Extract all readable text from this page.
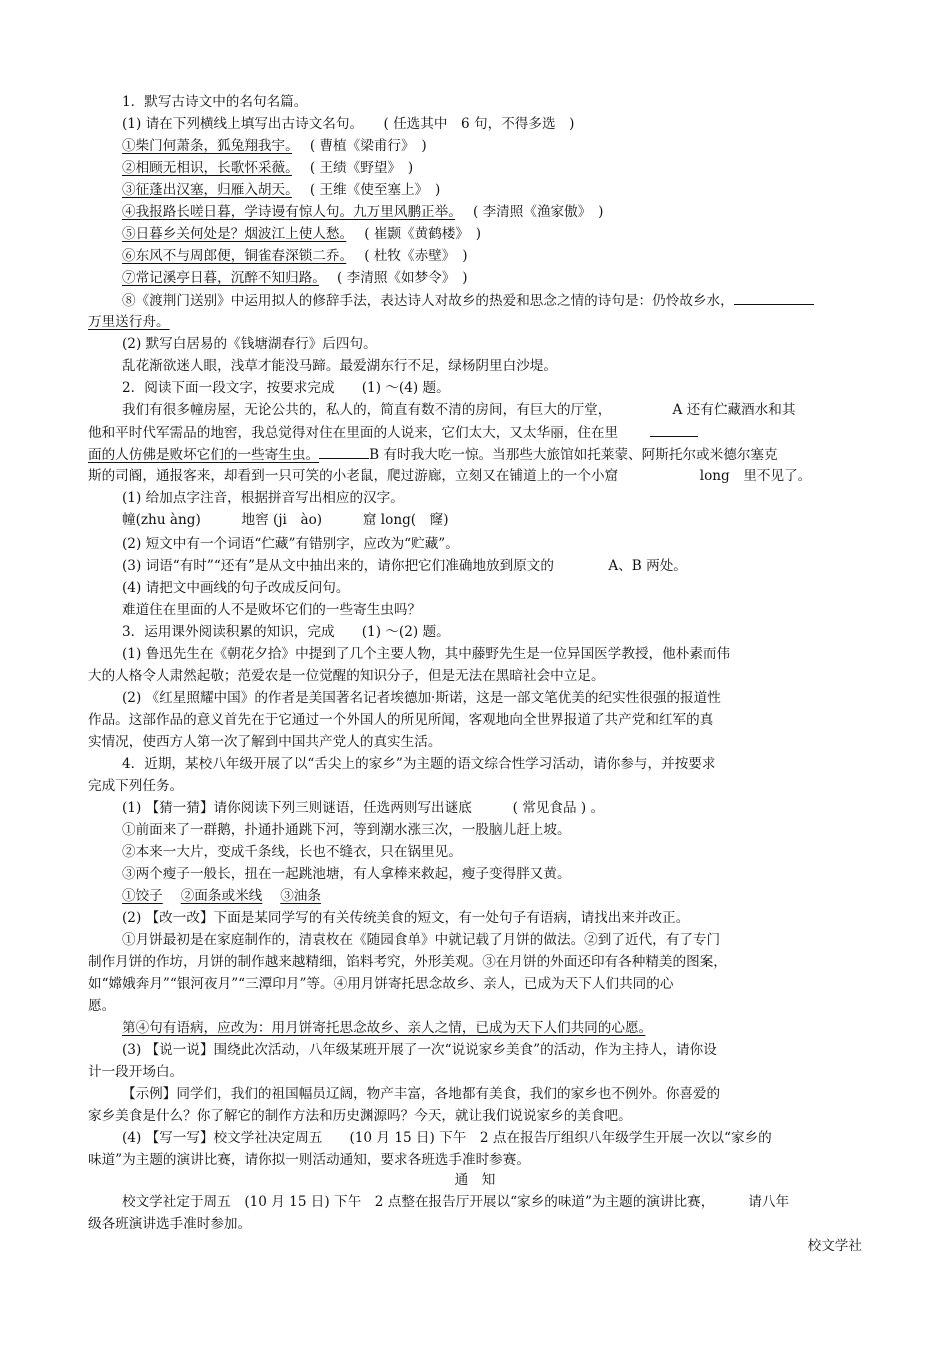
1．默写古诗文中的名句名篇。
(1) 请在下列横线上填写出古诗文名句。　　( 任选其中　6 句，不得多选　)
①柴门何萧条，狐兔翔我宇。　 ( 曹植《梁甫行》　)
②相顾无相识，长歌怀采薇。　 ( 王绩《野望》　)
③征蓬出汉塞，归雁入胡天。　 ( 王维《使至塞上》　)
④我报路长嗟日暮，学诗谩有惊人句。九万里风鹏正举。　 ( 李清照《渔家傲》　)
⑤日暮乡关何处是？烟波江上使人愁。　 ( 崔颢《黄鹤楼》　)
⑥东风不与周郎便，铜雀春深锁二乔。　 ( 杜牧《赤壁》　)
⑦常记溪亭日暮，沉醉不知归路。　 ( 李清照《如梦令》　)
⑧《渡荆门送别》中运用拟人的修辞手法，表达诗人对故乡的热爱和思念之情的诗句是：仍怜故乡水，
万里送行舟。
(2) 默写白居易的《钱塘湖春行》后四句。
乱花渐欲迷人眼，浅草才能没马蹄。最爱湖东行不足，绿杨阴里白沙堤。
2．阅读下面一段文字，按要求完成　　(1) ～(4) 题。
我们有很多幢房屋，无论公共的，私人的，简直有数不清的房间，有巨大的厅堂，　　　　　	A 还有伫藏酒水和其
他和平时代军需品的地窖，我总觉得对住在里面的人说来，它们太大，又太华丽，住在里　　
面的人仿佛是败坏它们的一些寄生虫。	B 有时我大吃一惊。当那些大旅馆如托莱蒙、阿斯托尔或米德尔塞克
斯的司阍，通报客来，却看到一只可笑的小老鼠，爬过游廊，立刻又在铺道上的一个小窟　　　　　　	long　里不见了。
(1) 给加点字注音，根据拼音写出相应的汉字。
幢(zhu àng)　　　地窖 (ji　ào)　　　窟 long(　窿)
(2) 短文中有一个词语“伫藏”有错别字，应改为“贮藏”。
(3) 词语“有时”“还有”是从文中抽出来的，请你把它们准确地放到原文的　　　　	A、B 两处。
(4) 请把文中画线的句子改成反问句。
难道住在里面的人不是败坏它们的一些寄生虫吗？
3．运用课外阅读积累的知识，完成　　(1) ～(2) 题。
(1) 鲁迅先生在《朝花夕拾》中提到了几个主要人物，其中藤野先生是一位异国医学教授，他朴素而伟
大的人格令人肃然起敬；范爱农是一位觉醒的知识分子，但是无法在黑暗社会中立足。
(2) 《红星照耀中国》的作者是美国著名记者埃德加·斯诺，这是一部文笔优美的纪实性很强的报道性
作品。这部作品的意义首先在于它通过一个外国人的所见所闻，客观地向全世界报道了共产党和红军的真
实情况，使西方人第一次了解到中国共产党人的真实生活。
4．近期，某校八年级开展了以“舌尖上的家乡”为主题的语文综合性学习活动，请你参与，并按要求
完成下列任务。
(1) 【猜一猜】请你阅读下列三则谜语，任选两则写出谜底　　　( 常见食品 ) 。
①前面来了一群鹅，扑通扑通跳下河，等到潮水涨三次，一股脑儿赶上坡。
②本来一大片，变成千条线，长也不缝衣，只在锅里见。
③两个瘦子一般长，扭在一起跳池塘，有人拿棒来救起，瘦子变得胖又黄。
①饺子　 ②面条或米线　 ③油条
(2) 【改一改】下面是某同学写的有关传统美食的短文，有一处句子有语病，请找出来并改正。
①月饼最初是在家庭制作的，清袁枚在《随园食单》中就记载了月饼的做法。②到了近代，有了专门
制作月饼的作坊，月饼的制作越来越精细，馅料考究，外形美观。③在月饼的外面还印有各种精美的图案，
如“嫦娥奔月”“银河夜月”“三潭印月”等。④用月饼寄托思念故乡、亲人，已成为天下人们共同的心
愿。
第④句有语病，应改为：用月饼寄托思念故乡、亲人之情，已成为天下人们共同的心愿。　　
(3) 【说一说】围绕此次活动，八年级某班开展了一次“说说家乡美食”的活动，作为主持人，请你设
计一段开场白。
【示例】同学们，我们的祖国幅员辽阔，物产丰富，各地都有美食，我们的家乡也不例外。你喜爱的
家乡美食是什么？你了解它的制作方法和历史渊源吗？今天，就让我们说说家乡的美食吧。
(4) 【写一写】校文学社决定周五　　(10 月 15 日) 下午　2 点在报告厅组织八年级学生开展一次以“家乡的
味道”为主题的演讲比赛，请你拟一则活动通知，要求各班选手准时参赛。
通　知
校文学社定于周五　(10 月 15 日) 下午　2 点整在报告厅开展以“家乡的味道”为主题的演讲比赛，　　　请八年
级各班演讲选手准时参加。
校文学社
